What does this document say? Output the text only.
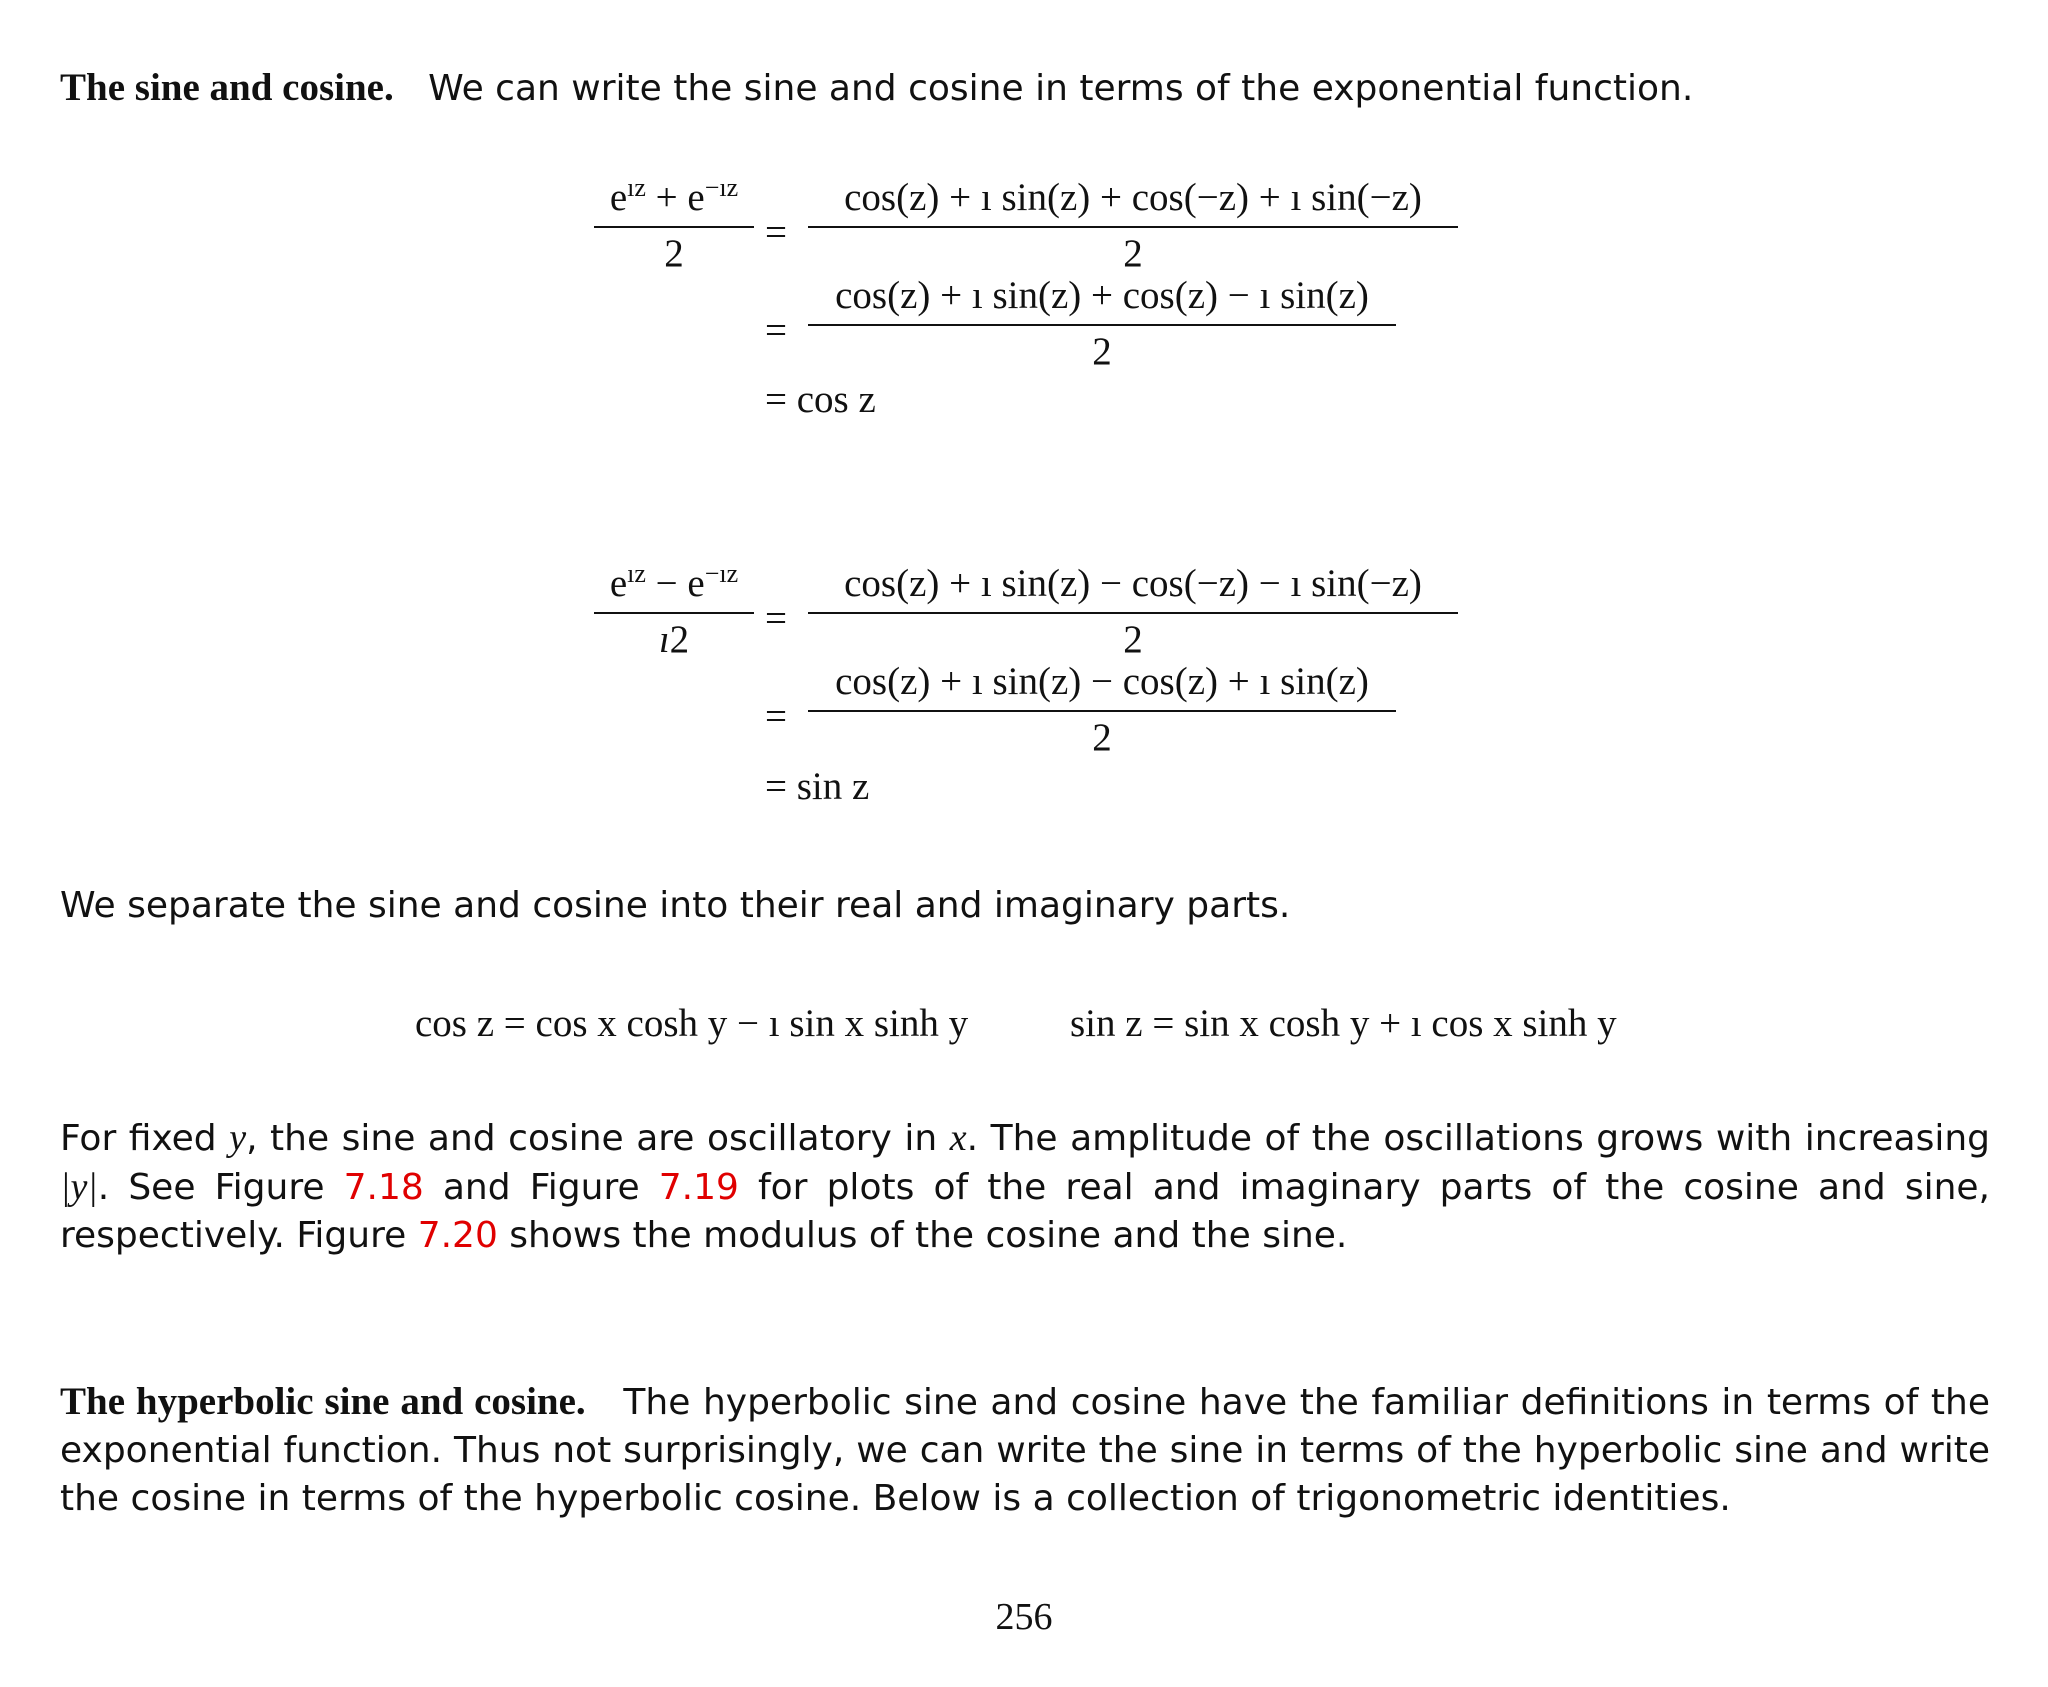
The sine and cosine. We can write the sine and cosine in terms of the exponential function.
$e^{ız} + e^{-ız}$
2	=
cos(z) + ı sin(z) + cos(−z) + ı sin(−z)
2
=
cos(z) + ı sin(z) + cos(z) − ı sin(z)
2
= cos z
$e^{ız} - e^{-ız}$
ı2	=
cos(z) + ı sin(z) − cos(−z) − ı sin(−z)
2
=
cos(z) + ı sin(z) − cos(z) + ı sin(z)
2
= sin z
We separate the sine and cosine into their real and imaginary parts.
cos z = cos x cosh y − ı sin x sinh y	sin z = sin x cosh y + ı cos x sinh y
For fixed y, the sine and cosine are oscillatory in x. The amplitude of the oscillations grows with increasing |y|. See Figure 7.18 and Figure 7.19 for plots of the real and imaginary parts of the cosine and sine, respectively. Figure 7.20 shows the modulus of the cosine and the sine.
The hyperbolic sine and cosine. The hyperbolic sine and cosine have the familiar definitions in terms of the exponential function. Thus not surprisingly, we can write the sine in terms of the hyperbolic sine and write the cosine in terms of the hyperbolic cosine. Below is a collection of trigonometric identities.
256
